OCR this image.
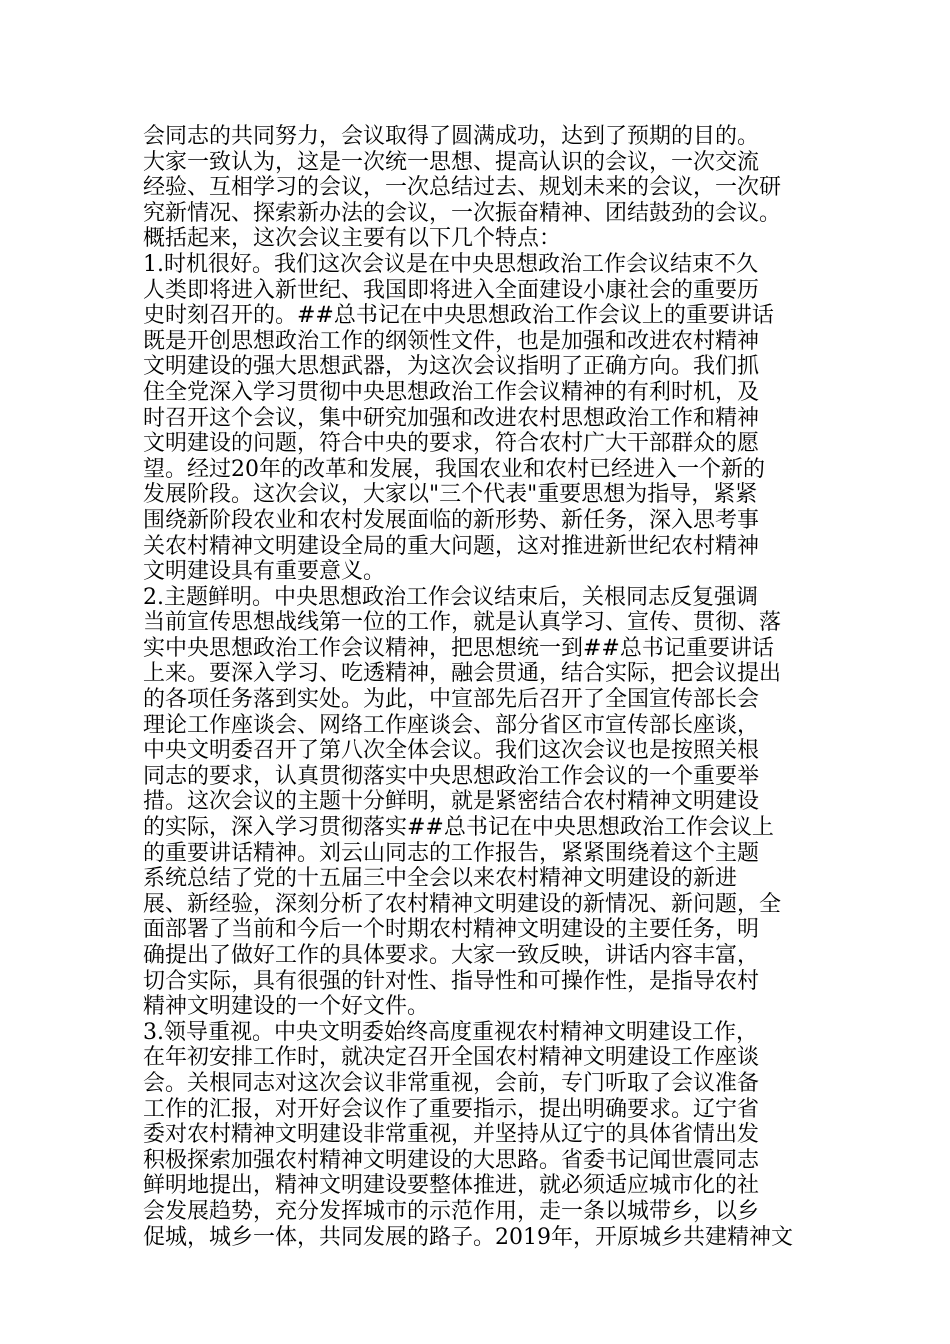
会同志的共同努力，会议取得了圆满成功，达到了预期的目的。
大家一致认为，这是一次统一思想、提高认识的会议，一次交流
经验、互相学习的会议，一次总结过去、规划未来的会议，一次研
究新情况、探索新办法的会议，一次振奋精神、团结鼓劲的会议。
概括起来，这次会议主要有以下几个特点：
1.时机很好。我们这次会议是在中央思想政治工作会议结束不久
人类即将进入新世纪、我国即将进入全面建设小康社会的重要历
史时刻召开的。##总书记在中央思想政治工作会议上的重要讲话
既是开创思想政治工作的纲领性文件，也是加强和改进农村精神
文明建设的强大思想武器，为这次会议指明了正确方向。我们抓
住全党深入学习贯彻中央思想政治工作会议精神的有利时机，及
时召开这个会议，集中研究加强和改进农村思想政治工作和精神
文明建设的问题，符合中央的要求，符合农村广大干部群众的愿
望。经过20年的改革和发展，我国农业和农村已经进入一个新的
发展阶段。这次会议，大家以"三个代表"重要思想为指导，紧紧
围绕新阶段农业和农村发展面临的新形势、新任务，深入思考事
关农村精神文明建设全局的重大问题，这对推进新世纪农村精神
文明建设具有重要意义。
2.主题鲜明。中央思想政治工作会议结束后，关根同志反复强调
当前宣传思想战线第一位的工作，就是认真学习、宣传、贯彻、落
实中央思想政治工作会议精神，把思想统一到##总书记重要讲话
上来。要深入学习、吃透精神，融会贯通，结合实际，把会议提出
的各项任务落到实处。为此，中宣部先后召开了全国宣传部长会
理论工作座谈会、网络工作座谈会、部分省区市宣传部长座谈，
中央文明委召开了第八次全体会议。我们这次会议也是按照关根
同志的要求，认真贯彻落实中央思想政治工作会议的一个重要举
措。这次会议的主题十分鲜明，就是紧密结合农村精神文明建设
的实际，深入学习贯彻落实##总书记在中央思想政治工作会议上
的重要讲话精神。刘云山同志的工作报告，紧紧围绕着这个主题
系统总结了党的十五届三中全会以来农村精神文明建设的新进
展、新经验，深刻分析了农村精神文明建设的新情况、新问题，全
面部署了当前和今后一个时期农村精神文明建设的主要任务，明
确提出了做好工作的具体要求。大家一致反映，讲话内容丰富，
切合实际，具有很强的针对性、指导性和可操作性，是指导农村
精神文明建设的一个好文件。
3.领导重视。中央文明委始终高度重视农村精神文明建设工作，
在年初安排工作时，就决定召开全国农村精神文明建设工作座谈
会。关根同志对这次会议非常重视，会前，专门听取了会议准备
工作的汇报，对开好会议作了重要指示，提出明确要求。辽宁省
委对农村精神文明建设非常重视，并坚持从辽宁的具体省情出发
积极探索加强农村精神文明建设的大思路。省委书记闻世震同志
鲜明地提出，精神文明建设要整体推进，就必须适应城市化的社
会发展趋势，充分发挥城市的示范作用，走一条以城带乡，以乡
促城，城乡一体，共同发展的路子。2019年，开原城乡共建精神文
